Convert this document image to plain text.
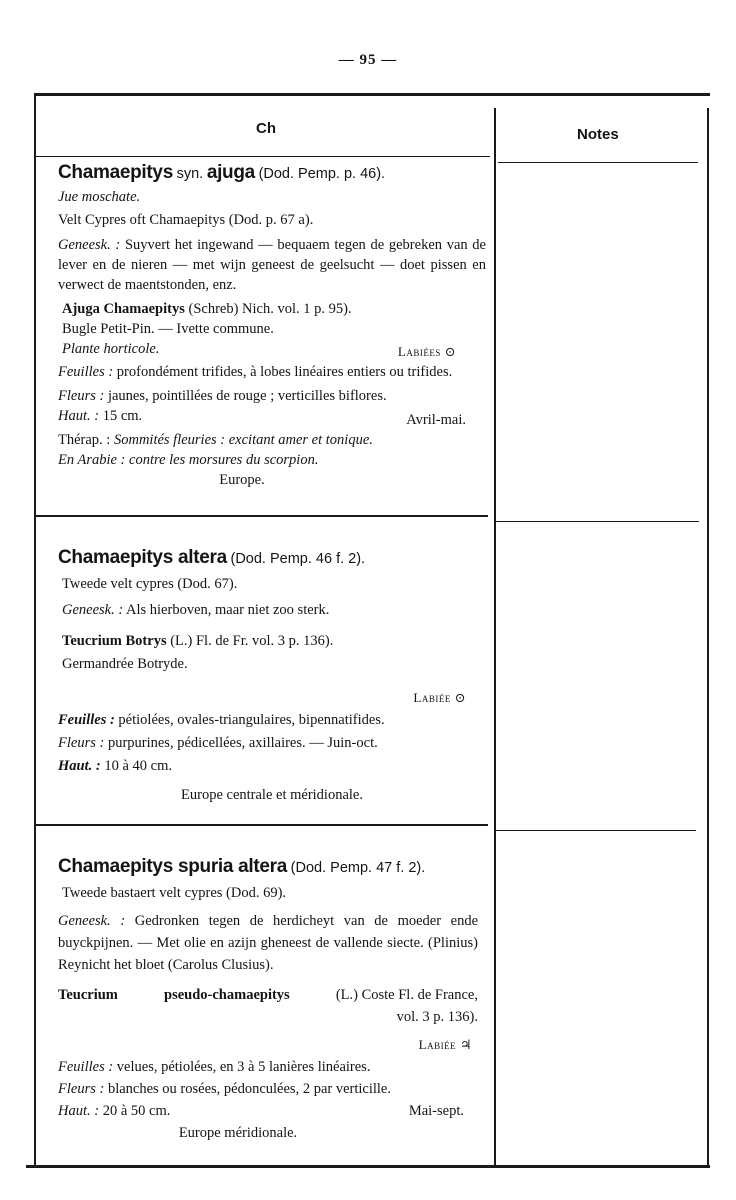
— 95 —
Ch	Notes

Chamaepitys syn. ajuga (Dod. Pemp. p. 46).

Jue moschate.

Velt Cypres oft Chamaepitys (Dod. p. 67 a).

Geneesk. : Suyvert het ingewand — bequaem tegen de gebreken van de lever en de nieren — met wijn geneest de geelsucht — doet pissen en verwect de maentstonden, enz.

Ajuga Chamaepitys (Schreb) Nich. vol. 1 p. 95).

Bugle Petit-Pin. — Ivette commune.

Plante horticole.	Labiées ⊙

Feuilles : profondément trifides, à lobes linéaires entiers ou trifides.

Fleurs : jaunes, pointillées de rouge ; verticilles biflores.

Haut. : 15 cm.	Avril-mai.

Thérap. : Sommités fleuries : excitant amer et tonique.

En Arabie : contre les morsures du scorpion.

Europe.

Chamaepitys altera (Dod. Pemp. 46 f. 2).

Tweede velt cypres (Dod. 67).

Geneesk. : Als hierboven, maar niet zoo sterk.

Teucrium Botrys (L.) Fl. de Fr. vol. 3 p. 136).

Germandrée Botryde.

Labiée ⊙

Feuilles : pétiolées, ovales-triangulaires, bipennatifides.

Fleurs : purpurines, pédicellées, axillaires. — Juin-oct.

Haut. : 10 à 40 cm.

Europe centrale et méridionale.

Chamaepitys spuria altera (Dod. Pemp. 47 f. 2).

Tweede bastaert velt cypres (Dod. 69).

Geneesk. : Gedronken tegen de herdicheyt van de moeder ende buyckpijnen. — Met olie en azijn gheneest de vallende siecte. (Plinius) Reynicht het bloet (Carolus Clusius).

Teucrium	pseudo-chamaepitys	(L.) Coste Fl. de France,

vol. 3 p. 136).

Labiée ♃

Feuilles : velues, pétiolées, en 3 à 5 lanières linéaires.

Fleurs : blanches ou rosées, pédonculées, 2 par verticille.

Haut. : 20 à 50 cm.	Mai-sept.

Europe méridionale.
